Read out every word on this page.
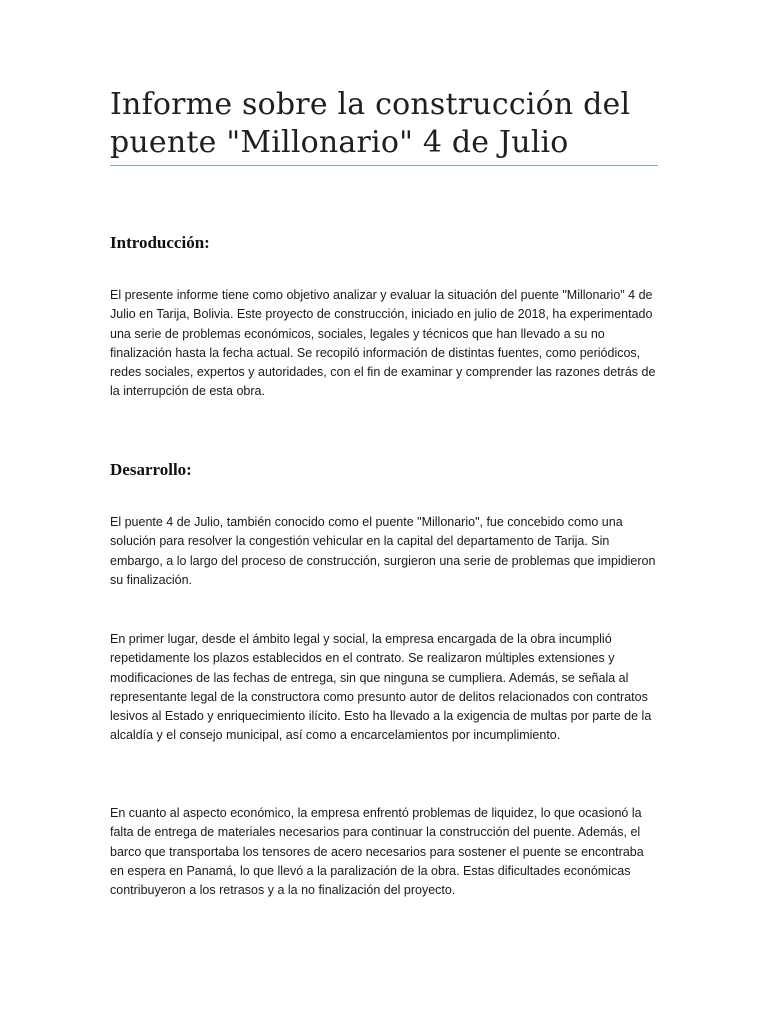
Informe sobre la construcción del puente "Millonario" 4 de Julio
Introducción:

El presente informe tiene como objetivo analizar y evaluar la situación del puente "Millonario" 4 de Julio en Tarija, Bolivia. Este proyecto de construcción, iniciado en julio de 2018, ha experimentado una serie de problemas económicos, sociales, legales y técnicos que han llevado a su no finalización hasta la fecha actual. Se recopiló información de distintas fuentes, como periódicos, redes sociales, expertos y autoridades, con el fin de examinar y comprender las razones detrás de la interrupción de esta obra.

Desarrollo:

El puente 4 de Julio, también conocido como el puente "Millonario", fue concebido como una solución para resolver la congestión vehicular en la capital del departamento de Tarija. Sin embargo, a lo largo del proceso de construcción, surgieron una serie de problemas que impidieron su finalización.

En primer lugar, desde el ámbito legal y social, la empresa encargada de la obra incumplió repetidamente los plazos establecidos en el contrato. Se realizaron múltiples extensiones y modificaciones de las fechas de entrega, sin que ninguna se cumpliera. Además, se señala al representante legal de la constructora como presunto autor de delitos relacionados con contratos lesivos al Estado y enriquecimiento ilícito. Esto ha llevado a la exigencia de multas por parte de la alcaldía y el consejo municipal, así como a encarcelamientos por incumplimiento.

En cuanto al aspecto económico, la empresa enfrentó problemas de liquidez, lo que ocasionó la falta de entrega de materiales necesarios para continuar la construcción del puente. Además, el barco que transportaba los tensores de acero necesarios para sostener el puente se encontraba en espera en Panamá, lo que llevó a la paralización de la obra. Estas dificultades económicas contribuyeron a los retrasos y a la no finalización del proyecto.
